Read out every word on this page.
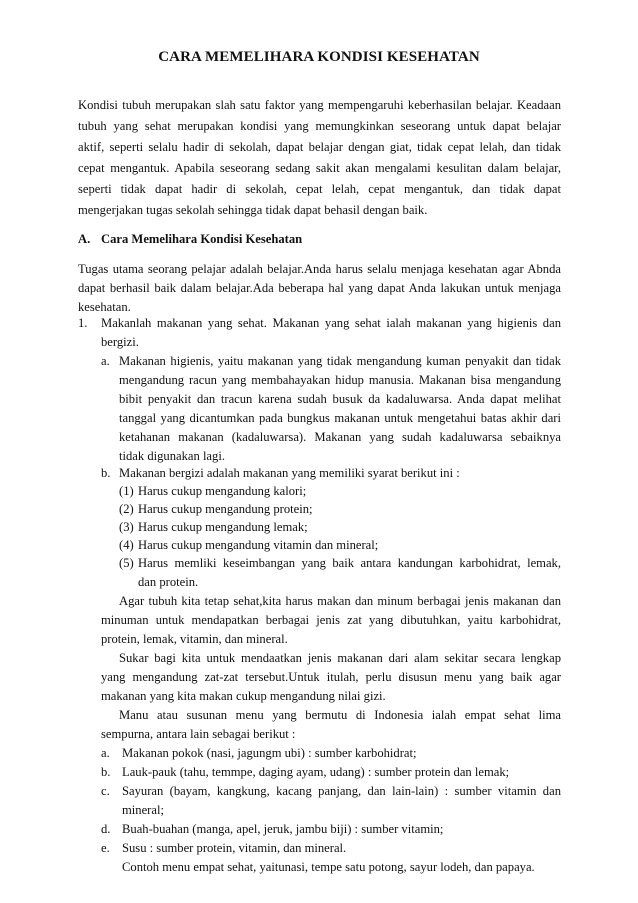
CARA MEMELIHARA KONDISI KESEHATAN
Kondisi tubuh merupakan slah satu faktor yang mempengaruhi keberhasilan belajar. Keadaan
tubuh yang sehat merupakan kondisi yang memungkinkan seseorang untuk dapat belajar
aktif, seperti selalu hadir di sekolah, dapat belajar dengan giat, tidak cepat lelah, dan tidak
cepat mengantuk. Apabila seseorang sedang sakit akan mengalami kesulitan dalam belajar,
seperti tidak dapat hadir di sekolah, cepat lelah, cepat mengantuk, dan tidak dapat
mengerjakan tugas sekolah sehingga tidak dapat behasil dengan baik.
A. Cara Memelihara Kondisi Kesehatan
Tugas utama seorang pelajar adalah belajar.Anda harus selalu menjaga kesehatan agar Abnda
dapat berhasil baik dalam belajar.Ada beberapa hal yang dapat Anda lakukan untuk menjaga
kesehatan.
1. Makanlah makanan yang sehat. Makanan yang sehat ialah makanan yang higienis dan
bergizi.
a. Makanan higienis, yaitu makanan yang tidak mengandung kuman penyakit dan tidak
mengandung racun yang membahayakan hidup manusia. Makanan bisa mengandung
bibit penyakit dan tracun karena sudah busuk da kadaluwarsa. Anda dapat melihat
tanggal yang dicantumkan pada bungkus makanan untuk mengetahui batas akhir dari
ketahanan makanan (kadaluwarsa). Makanan yang sudah kadaluwarsa sebaiknya
tidak digunakan lagi.
b. Makanan bergizi adalah makanan yang memiliki syarat berikut ini :
(1) Harus cukup mengandung kalori;
(2) Harus cukup mengandung protein;
(3) Harus cukup mengandung lemak;
(4) Harus cukup mengandung vitamin dan mineral;
(5) Harus memliki keseimbangan yang baik antara kandungan karbohidrat, lemak,
dan protein.
Agar tubuh kita tetap sehat,kita harus makan dan minum berbagai jenis makanan dan
minuman untuk mendapatkan berbagai jenis zat yang dibutuhkan, yaitu karbohidrat,
protein, lemak, vitamin, dan mineral.
Sukar bagi kita untuk mendaatkan jenis makanan dari alam sekitar secara lengkap
yang mengandung zat-zat tersebut.Untuk itulah, perlu disusun menu yang baik agar
makanan yang kita makan cukup mengandung nilai gizi.
Manu atau susunan menu yang bermutu di Indonesia ialah empat sehat lima
sempurna, antara lain sebagai berikut :
a. Makanan pokok (nasi, jagungm ubi) : sumber karbohidrat;
b. Lauk-pauk (tahu, temmpe, daging ayam, udang) : sumber protein dan lemak;
c. Sayuran (bayam, kangkung, kacang panjang, dan lain-lain) : sumber vitamin dan
mineral;
d. Buah-buahan (manga, apel, jeruk, jambu biji) : sumber vitamin;
e. Susu : sumber protein, vitamin, dan mineral.
Contoh menu empat sehat, yaitunasi, tempe satu potong, sayur lodeh, dan papaya.
